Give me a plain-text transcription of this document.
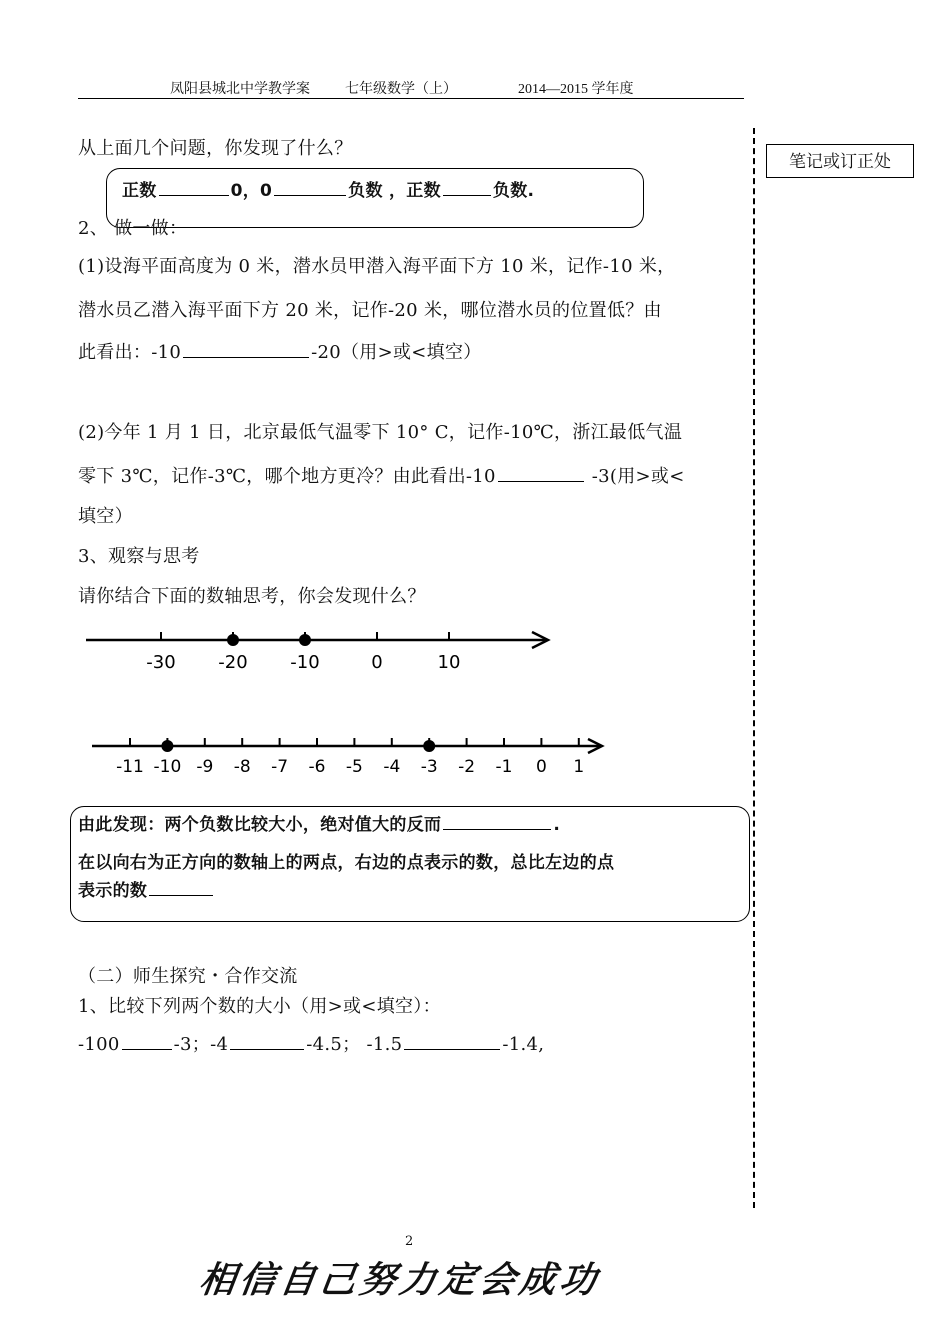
凤阳县城北中学教学案	七年级数学（上）	2014—2015 学年度
笔记或订正处
从上面几个问题，你发现了什么？
正数	0，0	负数 ，正数	负数.
2、 做一做：
(1)设海平面高度为 0 米，潜水员甲潜入海平面下方 10 米，记作-10 米，
潜水员乙潜入海平面下方 20 米，记作-20 米，哪位潜水员的位置低？由
此看出：-10	-20（用>或<填空）
(2)今年 1 月 1 日，北京最低气温零下 10° C，记作-10℃，浙江最低气温
零下 3℃，记作-3℃，哪个地方更冷？由此看出-10	-3(用>或<
填空）
3、观察与思考
请你结合下面的数轴思考，你会发现什么？
-30 -20 -10	0	10
-11 -10 -9 -8 -7 -6 -5 -4 -3 -2 -1 0 1
由此发现：两个负数比较大小，绝对值大的反而	.
在以向右为正方向的数轴上的两点，右边的点表示的数，总比左边的点
表示的数
（二）师生探究・合作交流
1、比较下列两个数的大小（用>或<填空）：
-100	-3；-4	-4.5； -1.5	-1.4,
2
相信自己努力定会成功
